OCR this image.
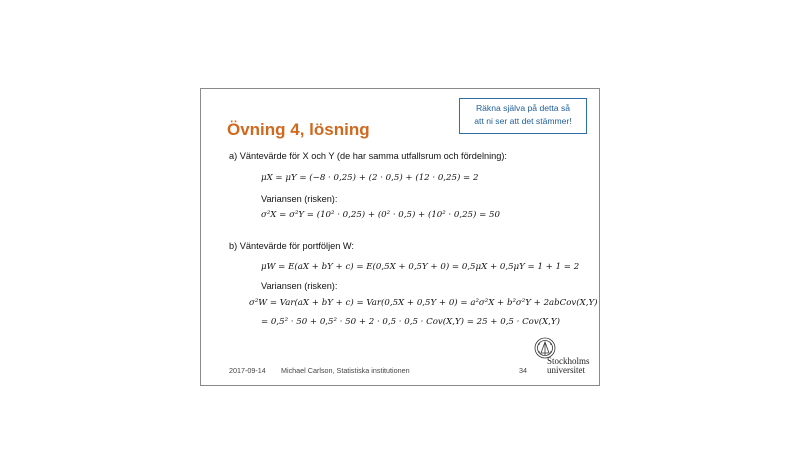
Räkna själva på detta så
att ni ser att det stämmer!
Övning 4, lösning
a) Väntevärde för X och Y (de har samma utfallsrum och fördelning):
μX = μY = (−8 · 0,25) + (2 · 0,5) + (12 · 0,25) = 2
Variansen (risken):
σ²X = σ²Y = (10² · 0,25) + (0² · 0,5) + (10² · 0,25) = 50
b) Väntevärde för portföljen W:
μW = E(aX + bY + c) = E(0,5X + 0,5Y + 0) = 0,5μX + 0,5μY = 1 + 1 = 2
Variansen (risken):
σ²W = Var(aX + bY + c) = Var(0,5X + 0,5Y + 0) = a²σ²X + b²σ²Y + 2abCov(X,Y)
= 0,5² · 50 + 0,5² · 50 + 2 · 0,5 · 0,5 · Cov(X,Y) = 25 + 0,5 · Cov(X,Y)
2017-09-14 Michael Carlson, Statistiska institutionen	34
Stockholms
universitet
